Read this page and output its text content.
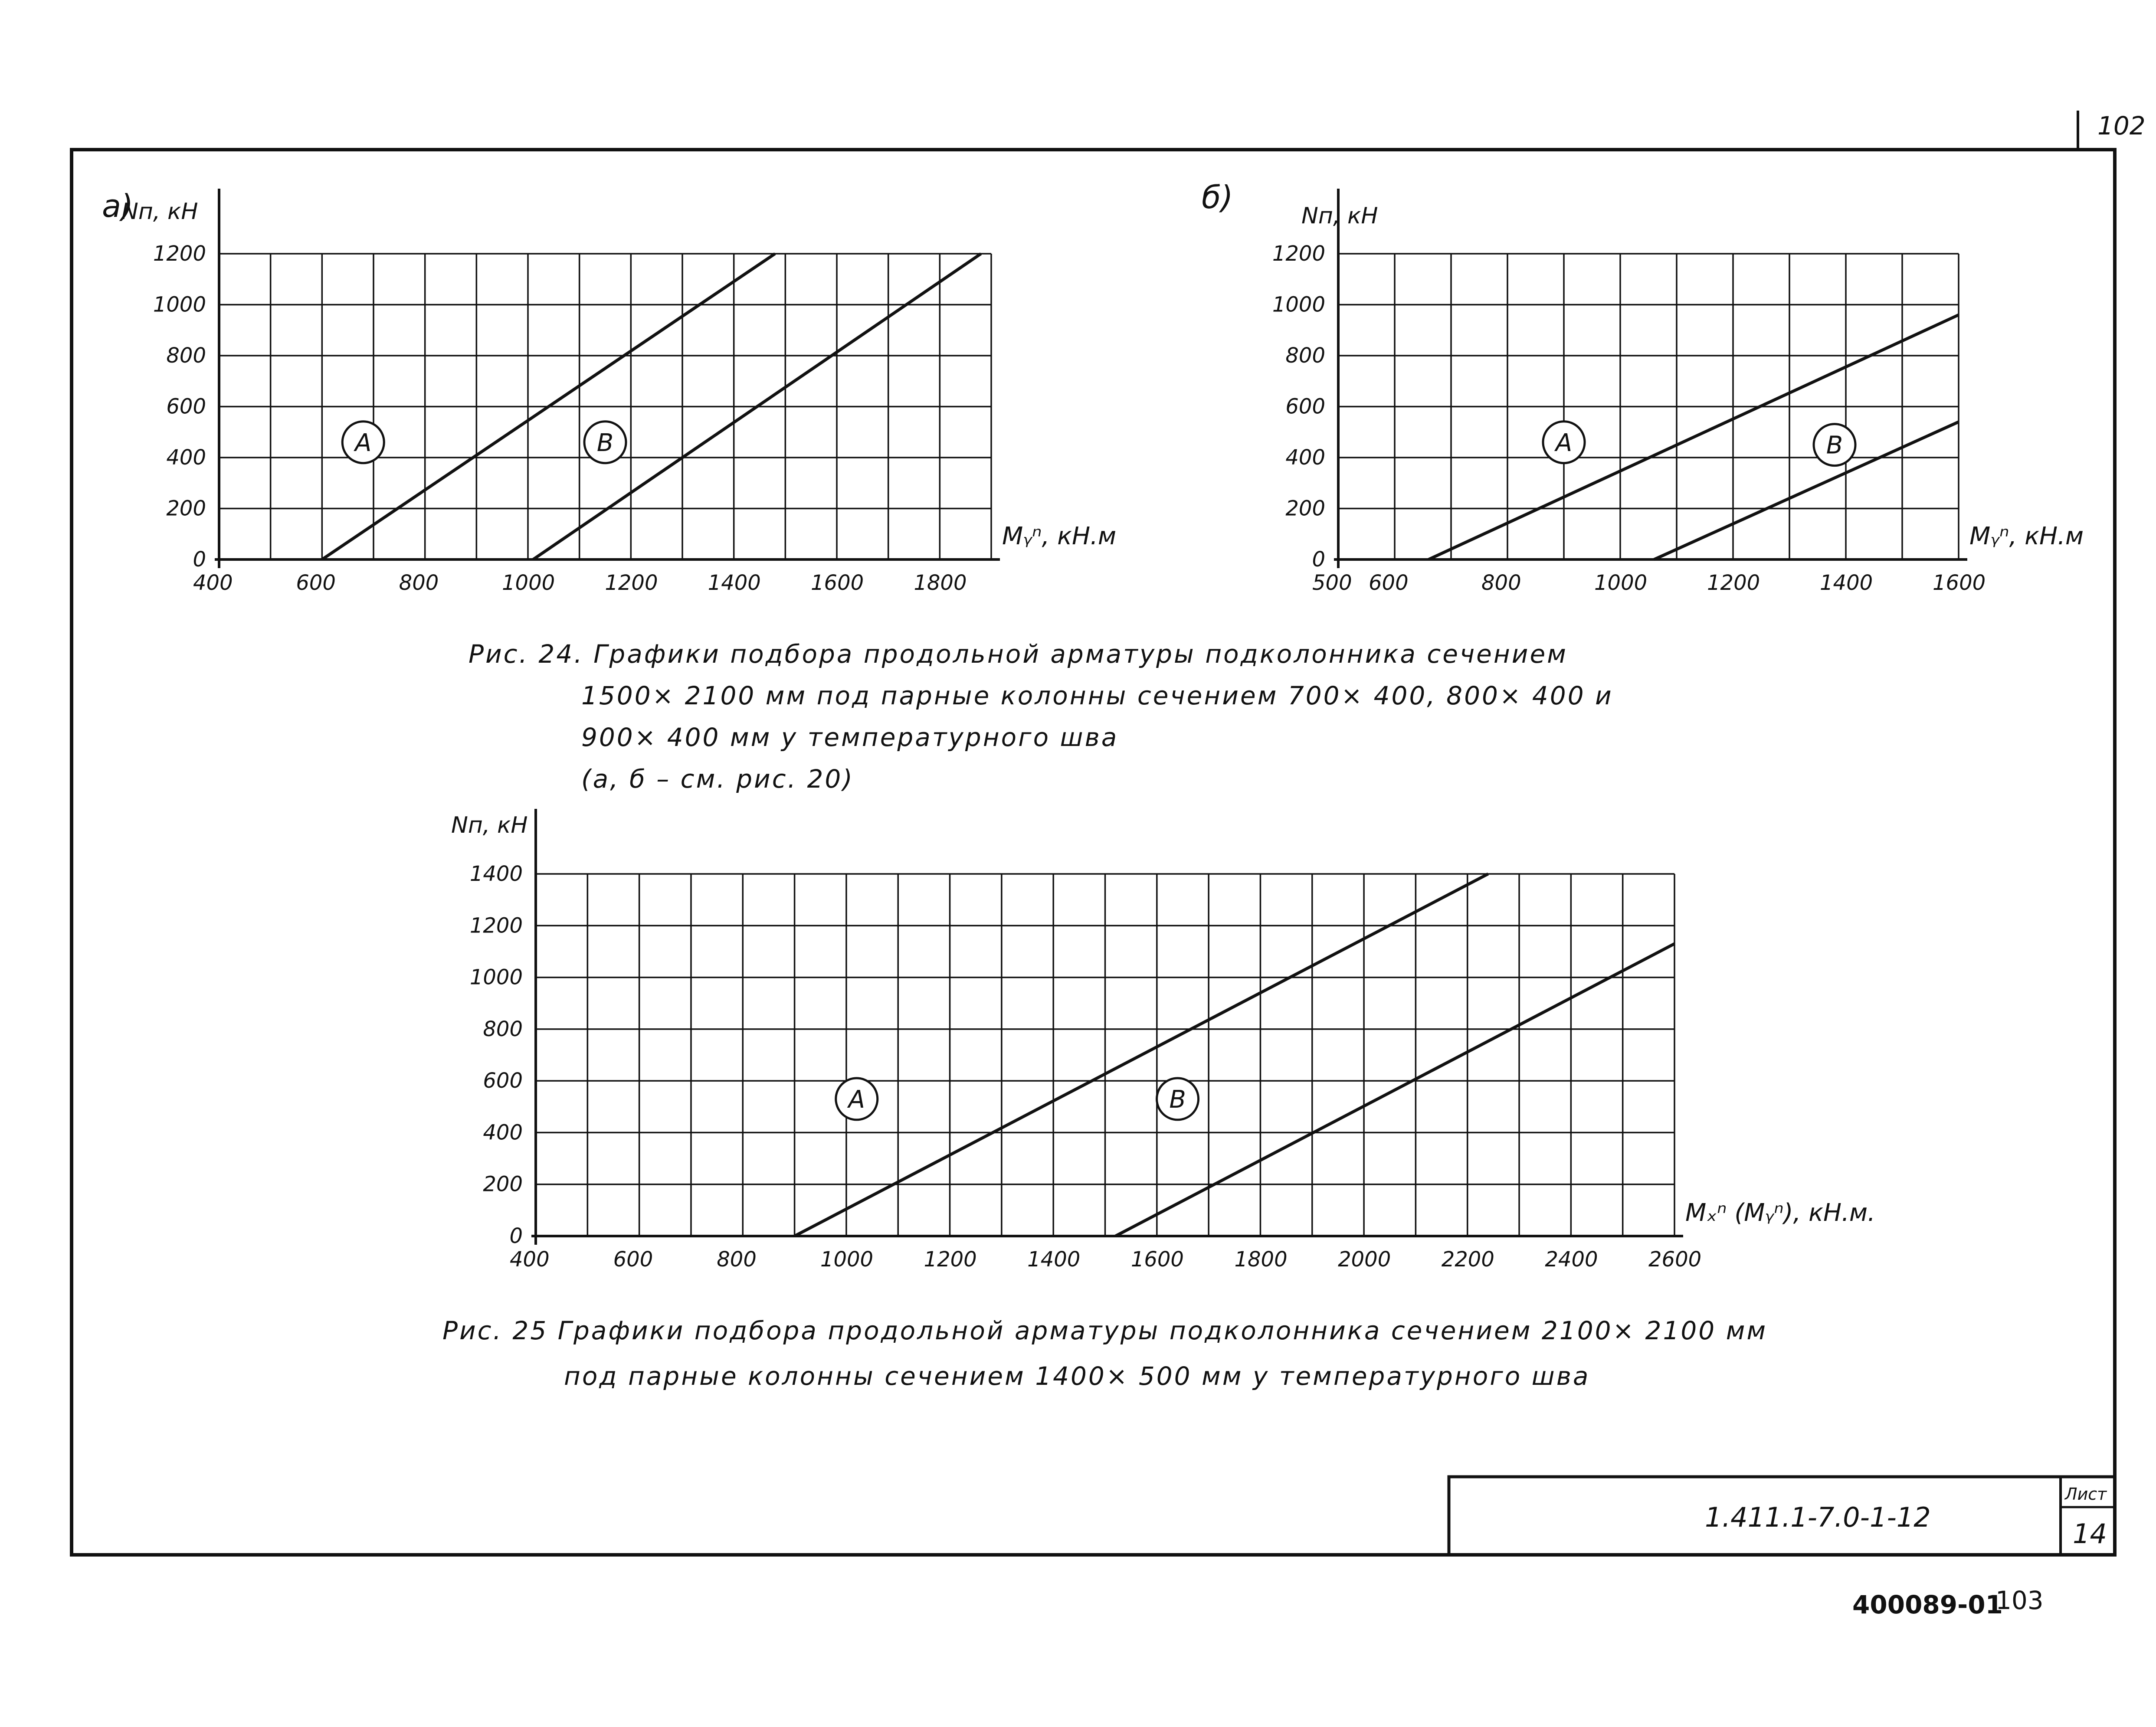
102
1.411.1-7.0-1-12
Лист
14
400089-01
103
400	600	800	1000 1200 1400 1600 1800
0
200
400
600
800
1000
1200
Nп, кН
Mᵧⁿ, кН.м
а)
А	В
500 600	800	1000	1200	1400	1600
0
200
400
600
800
1000
1200
Nп, кН
Mᵧⁿ, кН.м
б)
А	В
400	600	800	1000 1200 1400 1600 1800 2000 2200 2400 2600
0
200
400
600
800
1000
1200
1400
Nп, кН
Mₓⁿ (Mᵧⁿ), кН.м.
А	В
Рис. 24. Графики подбора продольной арматуры подколонника сечением
1500× 2100 мм под парные колонны сечением 700× 400, 800× 400 и
900× 400 мм у температурного шва
(а, б – см. рис. 20)
Рис. 25 Графики подбора продольной арматуры подколонника сечением 2100× 2100 мм
под парные колонны сечением 1400× 500 мм у температурного шва
